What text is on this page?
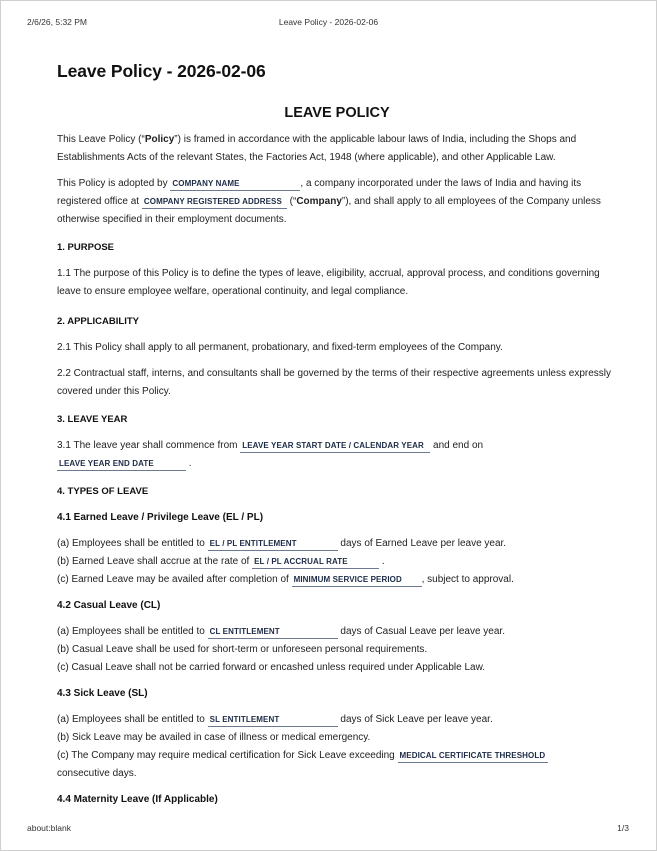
2/6/26, 5:32 PM	Leave Policy - 2026-02-06
Leave Policy - 2026-02-06
LEAVE POLICY

This Leave Policy (“Policy”) is framed in accordance with the applicable labour laws of India, including the Shops and Establishments Acts of the relevant States, the Factories Act, 1948 (where applicable), and other Applicable Law.

This Policy is adopted by COMPANY NAME	, a company incorporated under the laws of India and having its registered office at COMPANY REGISTERED ADDRESS (“Company”), and shall apply to all employees of the Company unless otherwise specified in their employment documents.

1. PURPOSE

1.1 The purpose of this Policy is to define the types of leave, eligibility, accrual, approval process, and conditions governing leave to ensure employee welfare, operational continuity, and legal compliance.

2. APPLICABILITY

2.1 This Policy shall apply to all permanent, probationary, and fixed-term employees of the Company.

2.2 Contractual staff, interns, and consultants shall be governed by the terms of their respective agreements unless expressly covered under this Policy.

3. LEAVE YEAR

3.1 The leave year shall commence from LEAVE YEAR START DATE / CALENDAR YEAR and end on
LEAVE YEAR END DATE	.

4. TYPES OF LEAVE
4.1 Earned Leave / Privilege Leave (EL / PL)
(a) Employees shall be entitled to EL / PL ENTITLEMENT	days of Earned Leave per leave year.
(b) Earned Leave shall accrue at the rate of EL / PL ACCRUAL RATE	.
(c) Earned Leave may be availed after completion of MINIMUM SERVICE PERIOD , subject to approval.
4.2 Casual Leave (CL)
(a) Employees shall be entitled to CL ENTITLEMENT	days of Casual Leave per leave year.
(b) Casual Leave shall be used for short-term or unforeseen personal requirements.
(c) Casual Leave shall not be carried forward or encashed unless required under Applicable Law.
4.3 Sick Leave (SL)
(a) Employees shall be entitled to SL ENTITLEMENT	days of Sick Leave per leave year.
(b) Sick Leave may be availed in case of illness or medical emergency.
(c) The Company may require medical certification for Sick Leave exceeding MEDICAL CERTIFICATE THRESHOLD
consecutive days.
4.4 Maternity Leave (If Applicable)
about:blank	1/3
